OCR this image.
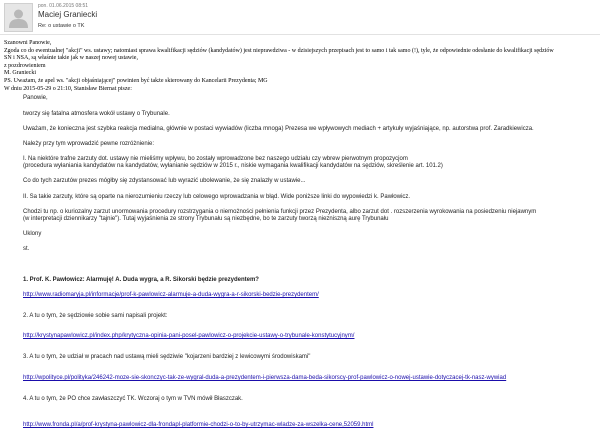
pon. 01.06.2015 08:51
Maciej Graniecki
Re: o ustawie o TK
Szanowni Panowie,
Zgoda co do ewentualnej "akcji" ws. ustawy; natomiast sprawa kwalifikacji sędziów (kandydatów) jest nieprawdziwa - w dzisiejszych przepisach jest to samo i tak samo (!), tyle, że odpowiednie odesłanie do kwalifikacji sędziów
SN i NSA, są właśnie takie jak w naszej nowej ustawie,
z pozdrowieniem
M. Graniecki
PS. Uważam, że apel ws. "akcji objaśniającej" powinien być także skierowany do Kancelarii Prezydenta; MG
W dniu 2015-05-29 o 21:10, Stanisław Biernat pisze:
Panowie,
tworzy się fatalna atmosfera wokół ustawy o Trybunale.
Uważam, że konieczna jest szybka reakcja medialna, głównie w postaci wywiadów (liczba mnoga) Prezesa we wpływowych mediach + artykuły wyjaśniające, np. autorstwa prof. Zaradkiewicza.
Należy przy tym wprowadzić pewne rozróżnienie:
I. Na niektóre trafne zarzuty dot. ustawy nie mieliśmy wpływu, bo zostały wprowadzone bez naszego udziału czy wbrew pierwotnym propozycjom
(procedura wyłaniania kandydatów na kandydatów, wyłanianie sędziów w 2015 r., niskie wymagania kwalifikacji kandydatów na sędziów, skreślenie art. 101.2)
Co do tych zarzutów prezes mógłby się zdystansować lub wyrazić ubolewanie, że się znalazły w ustawie...
II. Sa takie zarzuty, które są oparte na nierozumieniu rzeczy lub celowego wprowadzania w błąd. Wide poniższe linki do wypowiedzi k. Pawłowicz.
Chodzi tu np. o kuriozalny zarzut unormowania procedury rozstrzygania o niemożności pełnienia funkcji przez Prezydenta, albo zarzut dot . rozszerzenia wyrokowania na posiedzeniu niejawnym
(w interpretacji dziennikarzy "tajnie"). Tutaj wyjaśnienia ze strony Trybunału są niezbędne, bo te zarzuty tworzą niezniszną aurę Trybunału
Uklony
st.
1. Prof. K. Pawłowicz: Alarmuję! A. Duda wygra, a R. Sikorski będzie prezydentem?
http://www.radiomaryja.pl/informacje/prof-k-pawlowicz-alarmuje-a-duda-wygra-a-r-sikorski-bedzie-prezydentem/
2. A tu o tym, że sędziowie sobie sami napisali projekt:
http://krystynapawlowicz.pl/index.php/krytyczna-opinia-pani-posel-pawlowicz-o-projekcie-ustawy-o-trybunale-konstytucyjnym/
3. A tu o tym, że udział w pracach nad ustawą mieli sędziwie "kojarzeni bardziej z lewicowymi środowiskami"
http://wpolityce.pl/polityka/246242-moze-sie-skonczyc-tak-ze-wygral-duda-a-prezydentem-i-pierwsza-dama-beda-sikorscy-prof-pawlowicz-o-nowej-ustawie-dotyczacej-tk-nasz-wywiad
4. A tu o tym, że PO chce zawłaszczyć TK. Wczoraj o tym w TVN mówił Błaszczak.
http://www.fronda.pl/a/prof-krystyna-pawlowicz-dla-frondapl-platformie-chodzi-o-to-by-utrzymac-wladze-za-wszelka-cene,52059.html
